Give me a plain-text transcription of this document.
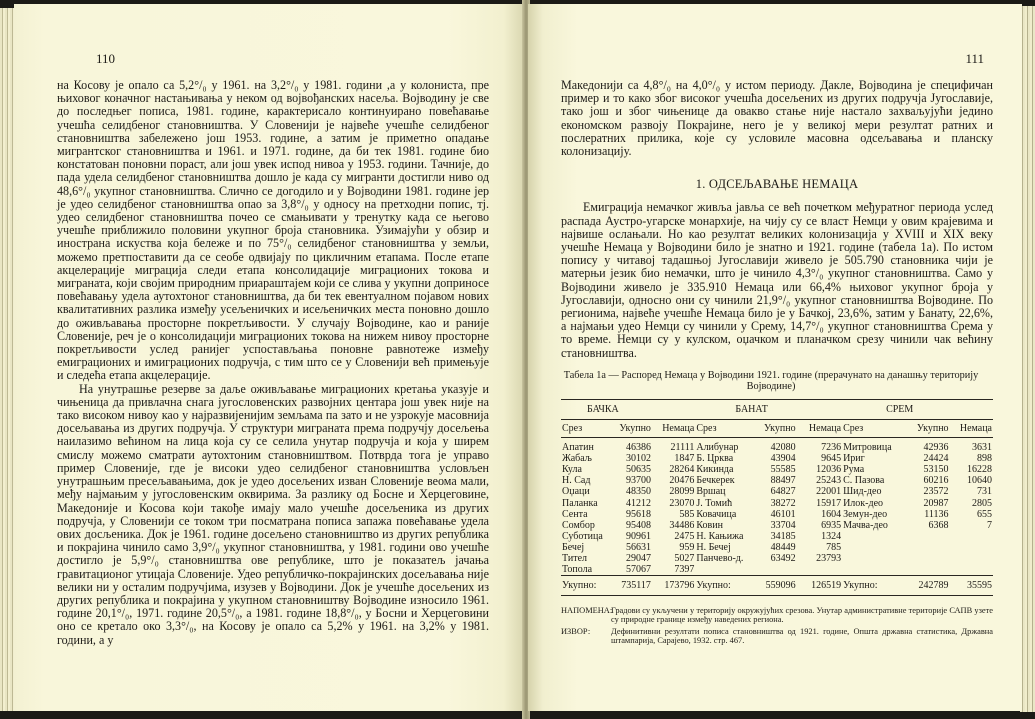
110

на Косову је опало са 5,2°/₀ у 1961. на 3,2°/₀ у 1981. години ,а у колониста, пре њиховог коначног настањивања у неком од војвођанских насеља. Војводину је све до последњег пописа, 1981. године, карактерисало континуирано повећавање учешћа селидбеног становништва. У Словенији је највеће учешће селидбеног становништва забележено још 1953. године, а затим је приметно опадање мигрантског становништва и 1961. и 1971. године, да би тек 1981. године био констатован поновни пораст, али још увек испод нивоа у 1953. години. Тачније, до пада удела селидбеног становништва дошло је када су мигранти достигли ниво од 48,6°/₀ укупног становништва. Слично се догодило и у Војводини 1981. године јер је удео селидбеног становништва опао за 3,8°/₀ у односу на претходни попис, тј. удео селидбеног становништва почео се смањивати у тренутку када се његово учешће приближило половини укупног броја становника. Узимајући у обзир и иностранa искуства која бележе и по 75°/₀ селидбеног становништва у земљи, можемо претпоставити да се сеобе одвијају по цикличним етапама. После етапе акцелерације миграција следи етапа консолидације миграционих токова и миграната, који својим природним приараштајем који се слива у укупни доприносе повећавању удела аутохтоног становништва, да би тек евентуалном појавом нових квалитативних разлика између усељеничких и исељеничких места поновно дошло до оживљавања просторне покретљивости. У случају Војводине, као и раније Словеније, реч је о консолидацији миграционих токова на нижем нивоу просторне покретљивости услед ранијег успостављања поновне равнотеже између емиграционих и имиграционих подручја, с тим што се у Словенији већ примењује и следећа етапа акцелерације.

На унутрашње резерве за даље оживљавање миграционих кретања указује и чињеница да привлачна снага југословенских развојних центара још увек није на тако високом нивоу као у најразвијенијим земљама па зато и не узрокује масовнија досељавања из других подручја. У структури миграната према подручју досељења наилазимо већином на лица која су се селила унутар подручја и која у ширем смислу можемо сматрати аутохтоним становништвом. Потврда тога је управо пример Словеније, где је високи удео селидбеног становништва условљен унутрашњим пресељавањима, док је удео досељених изван Словеније веома мали, међу најмањим у југословенским оквирима. За разлику од Босне и Херцеговине, Македоније и Косова који такође имају мало учешће досељеника из других подручја, у Словенији се током три посматрана пописа запажа повећавање удела ових досљеника. Док је 1961. године досељено становништво из других република и покрајина чинило само 3,9°/₀ укупног становништва, у 1981. години ово учешће достигло је 5,9°/₀ становништва ове републике, што је показатељ јачања гравитационог утицаја Словеније. Удео републичко-покрајинских досељавања није велики ни у осталим подручјима, изузев у Војводини. Док је учешће досељених из других република и покрајина у укупном становништву Војводине износило 1961. године 20,1°/₀, 1971. године 20,5°/₀, а 1981. године 18,8°/₀, у Босни и Херцеговини оно се кретало око 3,3°/₀, на Косову је опало са 5,2% у 1961. на 3,2% у 1981. години, а у

111

Македонији са 4,8°/₀ на 4,0°/₀ у истом периоду. Дакле, Војводина је специфичан пример и то како због високог учешћа досељених из других подручја Југославије, тако још и због чињенице да овакво стање није настало захваљујући једино економском развоју Покрајине, него је у великој мери резултат ратних и послератних прилика, које су условиле масовна одсељавања и планску колонизацију.

1. ОДСЕЉАВАЊЕ НЕМАЦА

Емиграција немачког живља јавља се већ почетком међуратног периода услед распада Аустро-угарске монархије, на чију су се власт Немци у овим крајевима и највише ослањали. Но као резултат великих колонизација у XVIII и XIX веку учешће Немаца у Војводини било је знатно и 1921. године (табела 1а). По истом попису у читавој тадашњој Југославији живело је 505.790 становника чији је матерњи језик био немачки, што је чинило 4,3°/₀ укупног становништва. Само у Војводини живело је 335.910 Немаца или 66,4% њиховог укупног броја у Југославији, односно они су чинили 21,9°/₀ укупног становништва Војводине. По регионима, највеће учешће Немаца било је у Бачкој, 23,6%, затим у Банату, 22,6%, а најмањи удео Немци су чинили у Срему, 14,7°/₀ укупног становништва Срема у то време. Немци су у кулском, оџачком и планачком срезу чинили чак већину становништва.

Табела 1а — Распоред Немаца у Војводини 1921. године (прерачунато на данашњу територију Војводине)
БАЧКА			БАНАТ			СРЕМ		
Срез	Укупно	Немаца	Срез	Укупно	Немаца	Срез	Укупно	Немаца
Апатин	46386	21111	Алибунар	42080	7236	Митровица	42936	3631
Жабаљ	30102	1847	Б. Црква	43904	9645	Ириг	24424	898
Кула	50635	28264	Кикинда	55585	12036	Рума	53150	16228
Н. Сад	93700	20476	Бечкерек	88497	25243	С. Пазова	60216	10640
Оџаци	48350	28099	Вршац	64827	22001	Шид-део	23572	731
Паланка	41212	23070	Ј. Томић	38272	15917	Илок-део	20987	2805
Сента	95618	585	Ковачица	46101	1604	Земун-део	11136	655
Сомбор	95408	34486	Ковин	33704	6935	Мачва-део	6368	7
Суботица	90961	2475	Н. Кањижа	34185	1324			
Бечеј	56631	959	Н. Бечеј	48449	785			
Тител	29047	5027	Панчево-д.	63492	23793			
Топола	57067	7397						
Укупно:	735117	173796	Укупно:	559096	126519	Укупно:	242789	35595
НАПОМЕНА:
Градови су укључени у територију окружујућих срезова. Унутар административне територије САПВ узете су природне границе између наведених региона.
ИЗВОР:	Дефинитивни резултати пописа становништва од 1921. године, Општа државна статистика, Државна штампарија, Сарајево, 1932. стр. 467.
